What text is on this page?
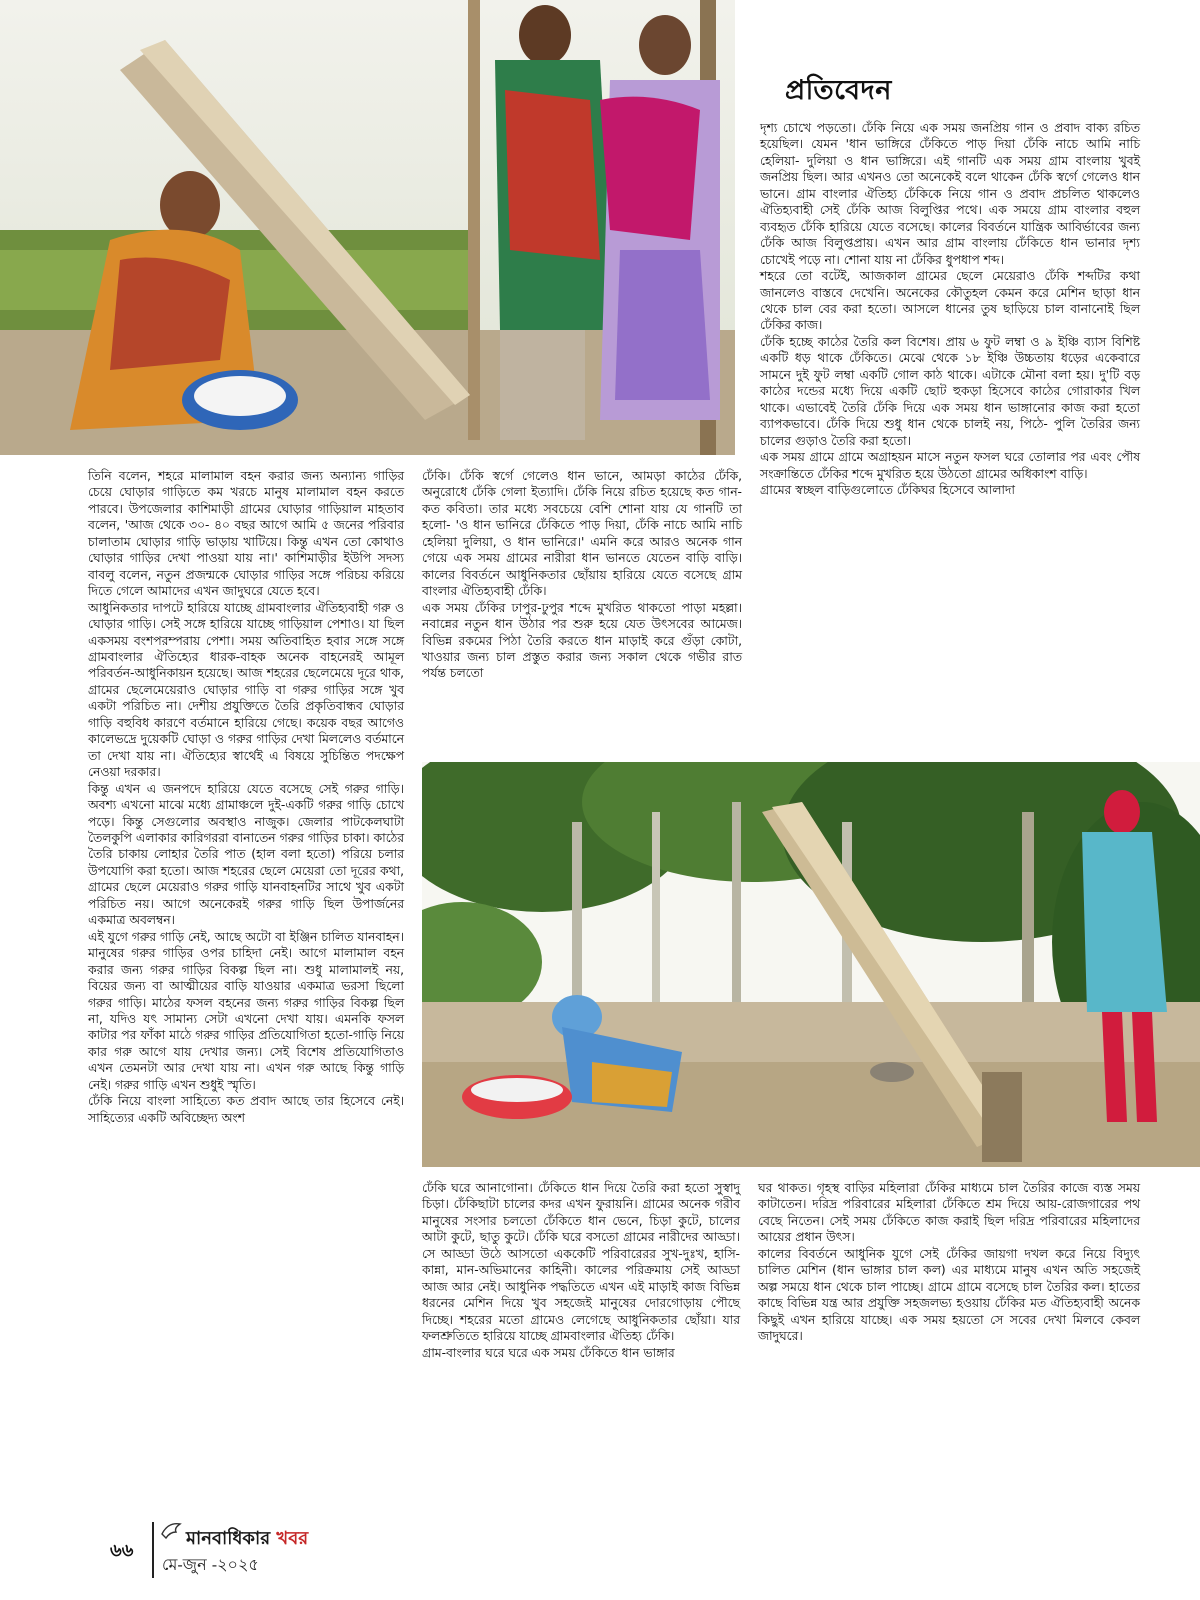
প্রতিবেদন

দৃশ্য চোখে পড়তো। ঢেঁকি নিয়ে এক সময় জনপ্রিয় গান ও প্রবাদ বাক্য রচিত হয়েছিল। যেমন 'ধান ভাঙ্গিরে ঢেঁকিতে পাড় দিয়া ঢেঁকি নাচে আমি নাচি হেলিয়া- দুলিয়া ও ধান ভাঙ্গিরে। এই গানটি এক সময় গ্রাম বাংলায় খুবই জনপ্রিয় ছিল। আর এখনও তো অনেকেই বলে থাকেন ঢেঁকি স্বর্গে গেলেও ধান ভানে। গ্রাম বাংলার ঐতিহ্য ঢেঁকিকে নিয়ে গান ও প্রবাদ প্রচলিত থাকলেও ঐতিহ্যবাহী সেই ঢেঁকি আজ বিলুপ্তির পথে। এক সময়ে গ্রাম বাংলার বহুল ব্যবহৃত ঢেঁকি হারিয়ে যেতে বসেছে। কালের বিবর্তনে যান্ত্রিক আবির্ভাবের জন্য ঢেঁকি আজ বিলুপ্তপ্রায়। এখন আর গ্রাম বাংলায় ঢেঁকিতে ধান ভানার দৃশ্য চোখেই পড়ে না। শোনা যায় না ঢেঁকির ধুপধাপ শব্দ।

শহরে তো বটেই, আজকাল গ্রামের ছেলে মেয়েরাও ঢেঁকি শব্দটির কথা জানলেও বাস্তবে দেখেনি। অনেকের কৌতুহল কেমন করে মেশিন ছাড়া ধান থেকে চাল বের করা হতো। আসলে ধানের তুষ ছাড়িয়ে চাল বানানোই ছিল ঢেঁকির কাজ।

ঢেঁকি হচ্ছে কাঠের তৈরি কল বিশেষ। প্রায় ৬ ফুট লম্বা ও ৯ ইঞ্চি ব্যাস বিশিষ্ট একটি ধড় থাকে ঢেঁকিতে। মেঝে থেকে ১৮ ইঞ্চি উচ্চতায় ধড়ের একেবারে সামনে দুই ফুট লম্বা একটি গোল কাঠ থাকে। এটাকে মৌনা বলা হয়। দু'টি বড় কাঠের দন্ডের মধ্যে দিয়ে একটি ছোট হুকড়া হিসেবে কাঠের গোরাকার খিল থাকে। এভাবেই তৈরি ঢেঁকি দিয়ে এক সময় ধান ভাঙ্গানোর কাজ করা হতো ব্যাপকভাবে। ঢেঁকি দিয়ে শুধু ধান থেকে চালই নয়, পিঠে- পুলি তৈরির জন্য চালের গুড়াও তৈরি করা হতো।

এক সময় গ্রামে গ্রামে অগ্রাহয়ন মাসে নতুন ফসল ঘরে তোলার পর এবং পৌষ সংক্রান্তিতে ঢেঁকির শব্দে মুখরিত হয়ে উঠতো গ্রামের অধিকাংশ বাড়ি।

গ্রামের স্বচ্ছল বাড়িগুলোতে ঢেঁকিঘর হিসেবে আলাদা

তিনি বলেন, শহরে মালামাল বহন করার জন্য অন্যান্য গাড়ির চেয়ে ঘোড়ার গাড়িতে কম খরচে মানুষ মালামাল বহন করতে পারবে। উপজেলার কাশিমাড়ী গ্রামের ঘোড়ার গাড়িয়াল মাহতাব বলেন, 'আজ থেকে ৩০- ৪০ বছর আগে আমি ৫ জনের পরিবার চালাতাম ঘোড়ার গাড়ি ভাড়ায় খাটিয়ে। কিন্তু এখন তো কোথাও ঘোড়ার গাড়ির দেখা পাওয়া যায় না।' কাশিমাড়ীর ইউপি সদস্য বাবলু বলেন, নতুন প্রজন্মকে ঘোড়ার গাড়ির সঙ্গে পরিচয় করিয়ে দিতে গেলে আমাদের এখন জাদুঘরে যেতে হবে।

আধুনিকতার দাপটে হারিয়ে যাচ্ছে গ্রামবাংলার ঐতিহ্যবাহী গরু ও ঘোড়ার গাড়ি। সেই সঙ্গে হারিয়ে যাচ্ছে গাড়িয়াল পেশাও। যা ছিল একসময় বংশপরম্পরায় পেশা। সময় অতিবাহিত হবার সঙ্গে সঙ্গে গ্রামবাংলার ঐতিহ্যের ধারক-বাহক অনেক বাহনেরই আমূল পরিবর্তন-আধুনিকায়ন হয়েছে। আজ শহরের ছেলেমেয়ে দূরে থাক, গ্রামের ছেলেমেয়েরাও ঘোড়ার গাড়ি বা গরুর গাড়ির সঙ্গে খুব একটা পরিচিত না। দেশীয় প্রযুক্তিতে তৈরি প্রকৃতিবান্ধব ঘোড়ার গাড়ি বহুবিধ কারণে বর্তমানে হারিয়ে গেছে। কয়েক বছর আগেও কালেভদ্রে দুয়েকটি ঘোড়া ও গরুর গাড়ির দেখা মিললেও বর্তমানে তা দেখা যায় না। ঐতিহ্যের স্বার্থেই এ বিষয়ে সুচিন্তিত পদক্ষেপ নেওয়া দরকার।

কিন্তু এখন এ জনপদে হারিয়ে যেতে বসেছে সেই গরুর গাড়ি। অবশ্য এখনো মাঝে মধ্যে গ্রামাঞ্চলে দুই-একটি গরুর গাড়ি চোখে পড়ে। কিন্তু সেগুলোর অবস্থাও নাজুক। জেলার পাটকেলঘাটা তৈলকুপি এলাকার কারিগররা বানাতেন গরুর গাড়ির চাকা। কাঠের তৈরি চাকায় লোহার তৈরি পাত (হাল বলা হতো) পরিয়ে চলার উপযোগি করা হতো। আজ শহরের ছেলে মেয়েরা তো দূরের কথা, গ্রামের ছেলে মেয়েরাও গরুর গাড়ি যানবাহনটির সাথে খুব একটা পরিচিত নয়। আগে অনেকেরই গরুর গাড়ি ছিল উপার্জনের একমাত্র অবলম্বন।

এই যুগে গরুর গাড়ি নেই, আছে অটো বা ইঞ্জিন চালিত যানবাহন। মানুষের গরুর গাড়ির ওপর চাহিদা নেই। আগে মালামাল বহন করার জন্য গরুর গাড়ির বিকল্প ছিল না। শুধু মালামালই নয়, বিয়ের জন্য বা আত্মীয়ের বাড়ি যাওয়ার একমাত্র ভরসা ছিলো গরুর গাড়ি। মাঠের ফসল বহনের জন্য গরুর গাড়ির বিকল্প ছিল না, যদিও যৎ সামান্য সেটা এখনো দেখা যায়। এমনকি ফসল কাটার পর ফাঁকা মাঠে গরুর গাড়ির প্রতিযোগিতা হতো-গাড়ি নিয়ে কার গরু আগে যায় দেখার জন্য। সেই বিশেষ প্রতিযোগিতাও এখন তেমনটা আর দেখা যায় না। এখন গরু আছে কিন্তু গাড়ি নেই। গরুর গাড়ি এখন শুধুই স্মৃতি।

ঢেঁকি নিয়ে বাংলা সাহিত্যে কত প্রবাদ আছে তার হিসেবে নেই। সাহিত্যের একটি অবিচ্ছেদ্য অংশ

ঢেঁকি। ঢেঁকি স্বর্গে গেলেও ধান ভানে, আমড়া কাঠের ঢেঁকি, অনুরোধে ঢেঁকি গেলা ইত্যাদি। ঢেঁকি নিয়ে রচিত হয়েছে কত গান-কত কবিতা। তার মধ্যে সবচেয়ে বেশি শোনা যায় যে গানটি তা হলো- 'ও ধান ভানিরে ঢেঁকিতে পাড় দিয়া, ঢেঁকি নাচে আমি নাচি হেলিয়া দুলিয়া, ও ধান ভানিরে।' এমনি করে আরও অনেক গান গেয়ে এক সময় গ্রামের নারীরা ধান ভানতে যেতেন বাড়ি বাড়ি। কালের বিবর্তনে আধুনিকতার ছোঁয়ায় হারিয়ে যেতে বসেছে গ্রাম বাংলার ঐতিহ্যবাহী ঢেঁকি।

এক সময় ঢেঁকির ঢাপুর-ঢুপুর শব্দে মুখরিত থাকতো পাড়া মহল্লা। নবান্নের নতুন ধান উঠার পর শুরু হয়ে যেত উৎসবের আমেজ। বিভিন্ন রকমের পিঠা তৈরি করতে ধান মাড়াই করে গুঁড়া কোটা, খাওয়ার জন্য চাল প্রস্তুত করার জন্য সকাল থেকে গভীর রাত পর্যন্ত চলতো

ঢেঁকি ঘরে আনাগোনা। ঢেঁকিতে ধান দিয়ে তৈরি করা হতো সুস্বাদু চিড়া। ঢেঁকিছাটা চালের কদর এখন ফুরায়নি। গ্রামের অনেক গরীব মানুষের সংসার চলতো ঢেঁকিতে ধান ভেনে, চিড়া কুটে, চালের আটা কুটে, ছাতু কুটে। ঢেঁকি ঘরে বসতো গ্রামের নারীদের আড্ডা। সে আড্ডা উঠে আসতো এককেটি পরিবারেরর সুখ-দুঃখ, হাসি-কান্না, মান-অভিমানের কাহিনী। কালের পরিক্রমায় সেই আড্ডা আজ আর নেই। আধুনিক পদ্ধতিতে এখন এই মাড়াই কাজ বিভিন্ন ধরনের মেশিন দিয়ে খুব সহজেই মানুষের দোরগোড়ায় পৌছে দিচ্ছে। শহরের মতো গ্রামেও লেগেছে আধুনিকতার ছোঁয়া। যার ফলশ্রুতিতে হারিয়ে যাচ্ছে গ্রামবাংলার ঐতিহ্য ঢেঁকি।

গ্রাম-বাংলার ঘরে ঘরে এক সময় ঢেঁকিতে ধান ভাঙ্গার

ঘর থাকত। গৃহস্থ বাড়ির মহিলারা ঢেঁকির মাধ্যমে চাল তৈরির কাজে ব্যস্ত সময় কাটাতেন। দরিদ্র পরিবারের মহিলারা ঢেঁকিতে শ্রম দিয়ে আয়-রোজগারের পথ বেছে নিতেন। সেই সময় ঢেঁকিতে কাজ করাই ছিল দরিদ্র পরিবারের মহিলাদের আয়ের প্রধান উৎস।

কালের বিবর্তনে আধুনিক যুগে সেই ঢেঁকির জায়গা দখল করে নিয়ে বিদ্যুৎ চালিত মেশিন (ধান ভাঙ্গার চাল কল) এর মাধ্যমে মানুষ এখন অতি সহজেই অল্প সময়ে ধান থেকে চাল পাচ্ছে। গ্রামে গ্রামে বসেছে চাল তৈরির কল। হাতের কাছে বিভিন্ন যন্ত্র আর প্রযুক্তি সহজলভ্য হওয়ায় ঢেঁকির মত ঐতিহ্যবাহী অনেক কিছুই এখন হারিয়ে যাচ্ছে। এক সময় হয়তো সে সবের দেখা মিলবে কেবল জাদুঘরে।

৬৬
মানবাধিকার খবর
মে-জুন -২০২৫
